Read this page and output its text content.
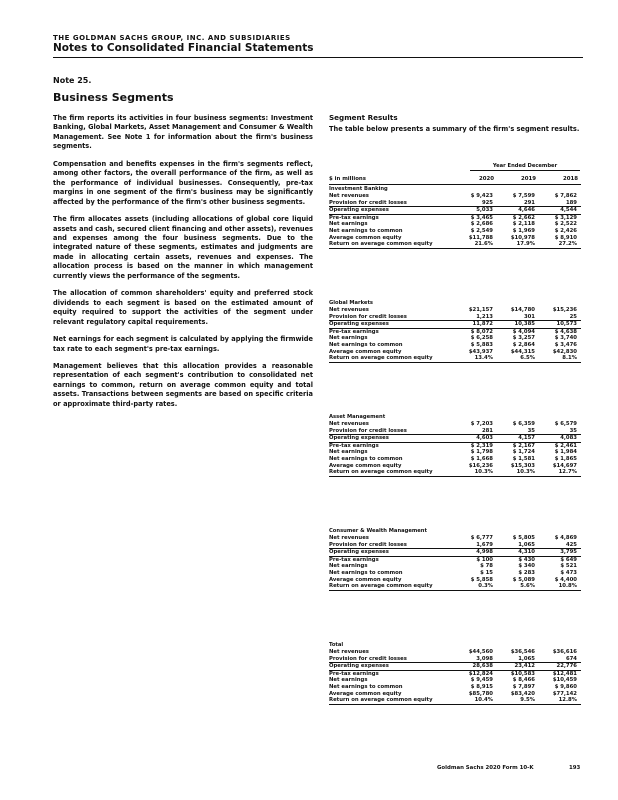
THE GOLDMAN SACHS GROUP, INC. AND SUBSIDIARIES
Notes to Consolidated Financial Statements
Note 25.
Business Segments

The firm reports its activities in four business segments: Investment Banking, Global Markets, Asset Management and Consumer & Wealth Management. See Note 1 for information about the firm's business segments.

Compensation and benefits expenses in the firm's segments reflect, among other factors, the overall performance of the firm, as well as the performance of individual businesses. Consequently, pre-tax margins in one segment of the firm's business may be significantly affected by the performance of the firm's other business segments.

The firm allocates assets (including allocations of global core liquid assets and cash, secured client financing and other assets), revenues and expenses among the four business segments. Due to the integrated nature of these segments, estimates and judgments are made in allocating certain assets, revenues and expenses. The allocation process is based on the manner in which management currently views the performance of the segments.

The allocation of common shareholders' equity and preferred stock dividends to each segment is based on the estimated amount of equity required to support the activities of the segment under relevant regulatory capital requirements.

Net earnings for each segment is calculated by applying the firmwide tax rate to each segment's pre-tax earnings.

Management believes that this allocation provides a reasonable representation of each segment's contribution to consolidated net earnings to common, return on average common equity and total assets. Transactions between segments are based on specific criteria or approximate third-party rates.

Segment Results
The table below presents a summary of the firm's segment results.
Year Ended December
$ in millions	2020	2019	2018
Investment Banking
Net revenues	$ 9,423	$ 7,599	$ 7,862
Provision for credit losses	925	291	189
Operating expenses	5,033	4,646	4,544
Pre-tax earnings	$ 3,465	$ 2,662	$ 3,129
Net earnings	$ 2,686	$ 2,118	$ 2,522
Net earnings to common	$ 2,549	$ 1,969	$ 2,426
Average common equity	$11,788	$10,978	$ 8,910
Return on average common equity	21.6%	17.9%	27.2%
Global Markets
Net revenues	$21,157	$14,780	$15,236
Provision for credit losses	1,213	301	25
Operating expenses	11,872	10,385	10,573
Pre-tax earnings	$ 8,072	$ 4,094	$ 4,638
Net earnings	$ 6,258	$ 3,257	$ 3,740
Net earnings to common	$ 5,883	$ 2,864	$ 3,476
Average common equity	$43,937	$44,315	$42,830
Return on average common equity	13.4%	6.5%	8.1%
Asset Management
Net revenues	$ 7,203	$ 6,359	$ 6,579
Provision for credit losses	281	35	35
Operating expenses	4,603	4,157	4,083
Pre-tax earnings	$ 2,319	$ 2,167	$ 2,461
Net earnings	$ 1,798	$ 1,724	$ 1,984
Net earnings to common	$ 1,668	$ 1,581	$ 1,865
Average common equity	$16,236	$15,303	$14,697
Return on average common equity	10.3%	10.3%	12.7%
Consumer & Wealth Management
Net revenues	$ 6,777	$ 5,805	$ 4,869
Provision for credit losses	1,679	1,065	425
Operating expenses	4,998	4,310	3,795
Pre-tax earnings	$ 100	$ 430	$ 649
Net earnings	$ 78	$ 340	$ 521
Net earnings to common	$ 15	$ 283	$ 473
Average common equity	$ 5,858	$ 5,089	$ 4,400
Return on average common equity	0.3%	5.6%	10.8%
Total
Net revenues	$44,560	$36,546	$36,616
Provision for credit losses	3,098	1,065	674
Operating expenses	28,638	23,412	22,776
Pre-tax earnings	$12,824	$10,583	$12,481
Net earnings	$ 9,459	$ 8,466	$10,459
Net earnings to common	$ 8,915	$ 7,897	$ 9,860
Average common equity	$85,780	$83,420	$77,142
Return on average common equity	10.4%	9.5%	12.8%
Goldman Sachs 2020 Form 10-K	193
